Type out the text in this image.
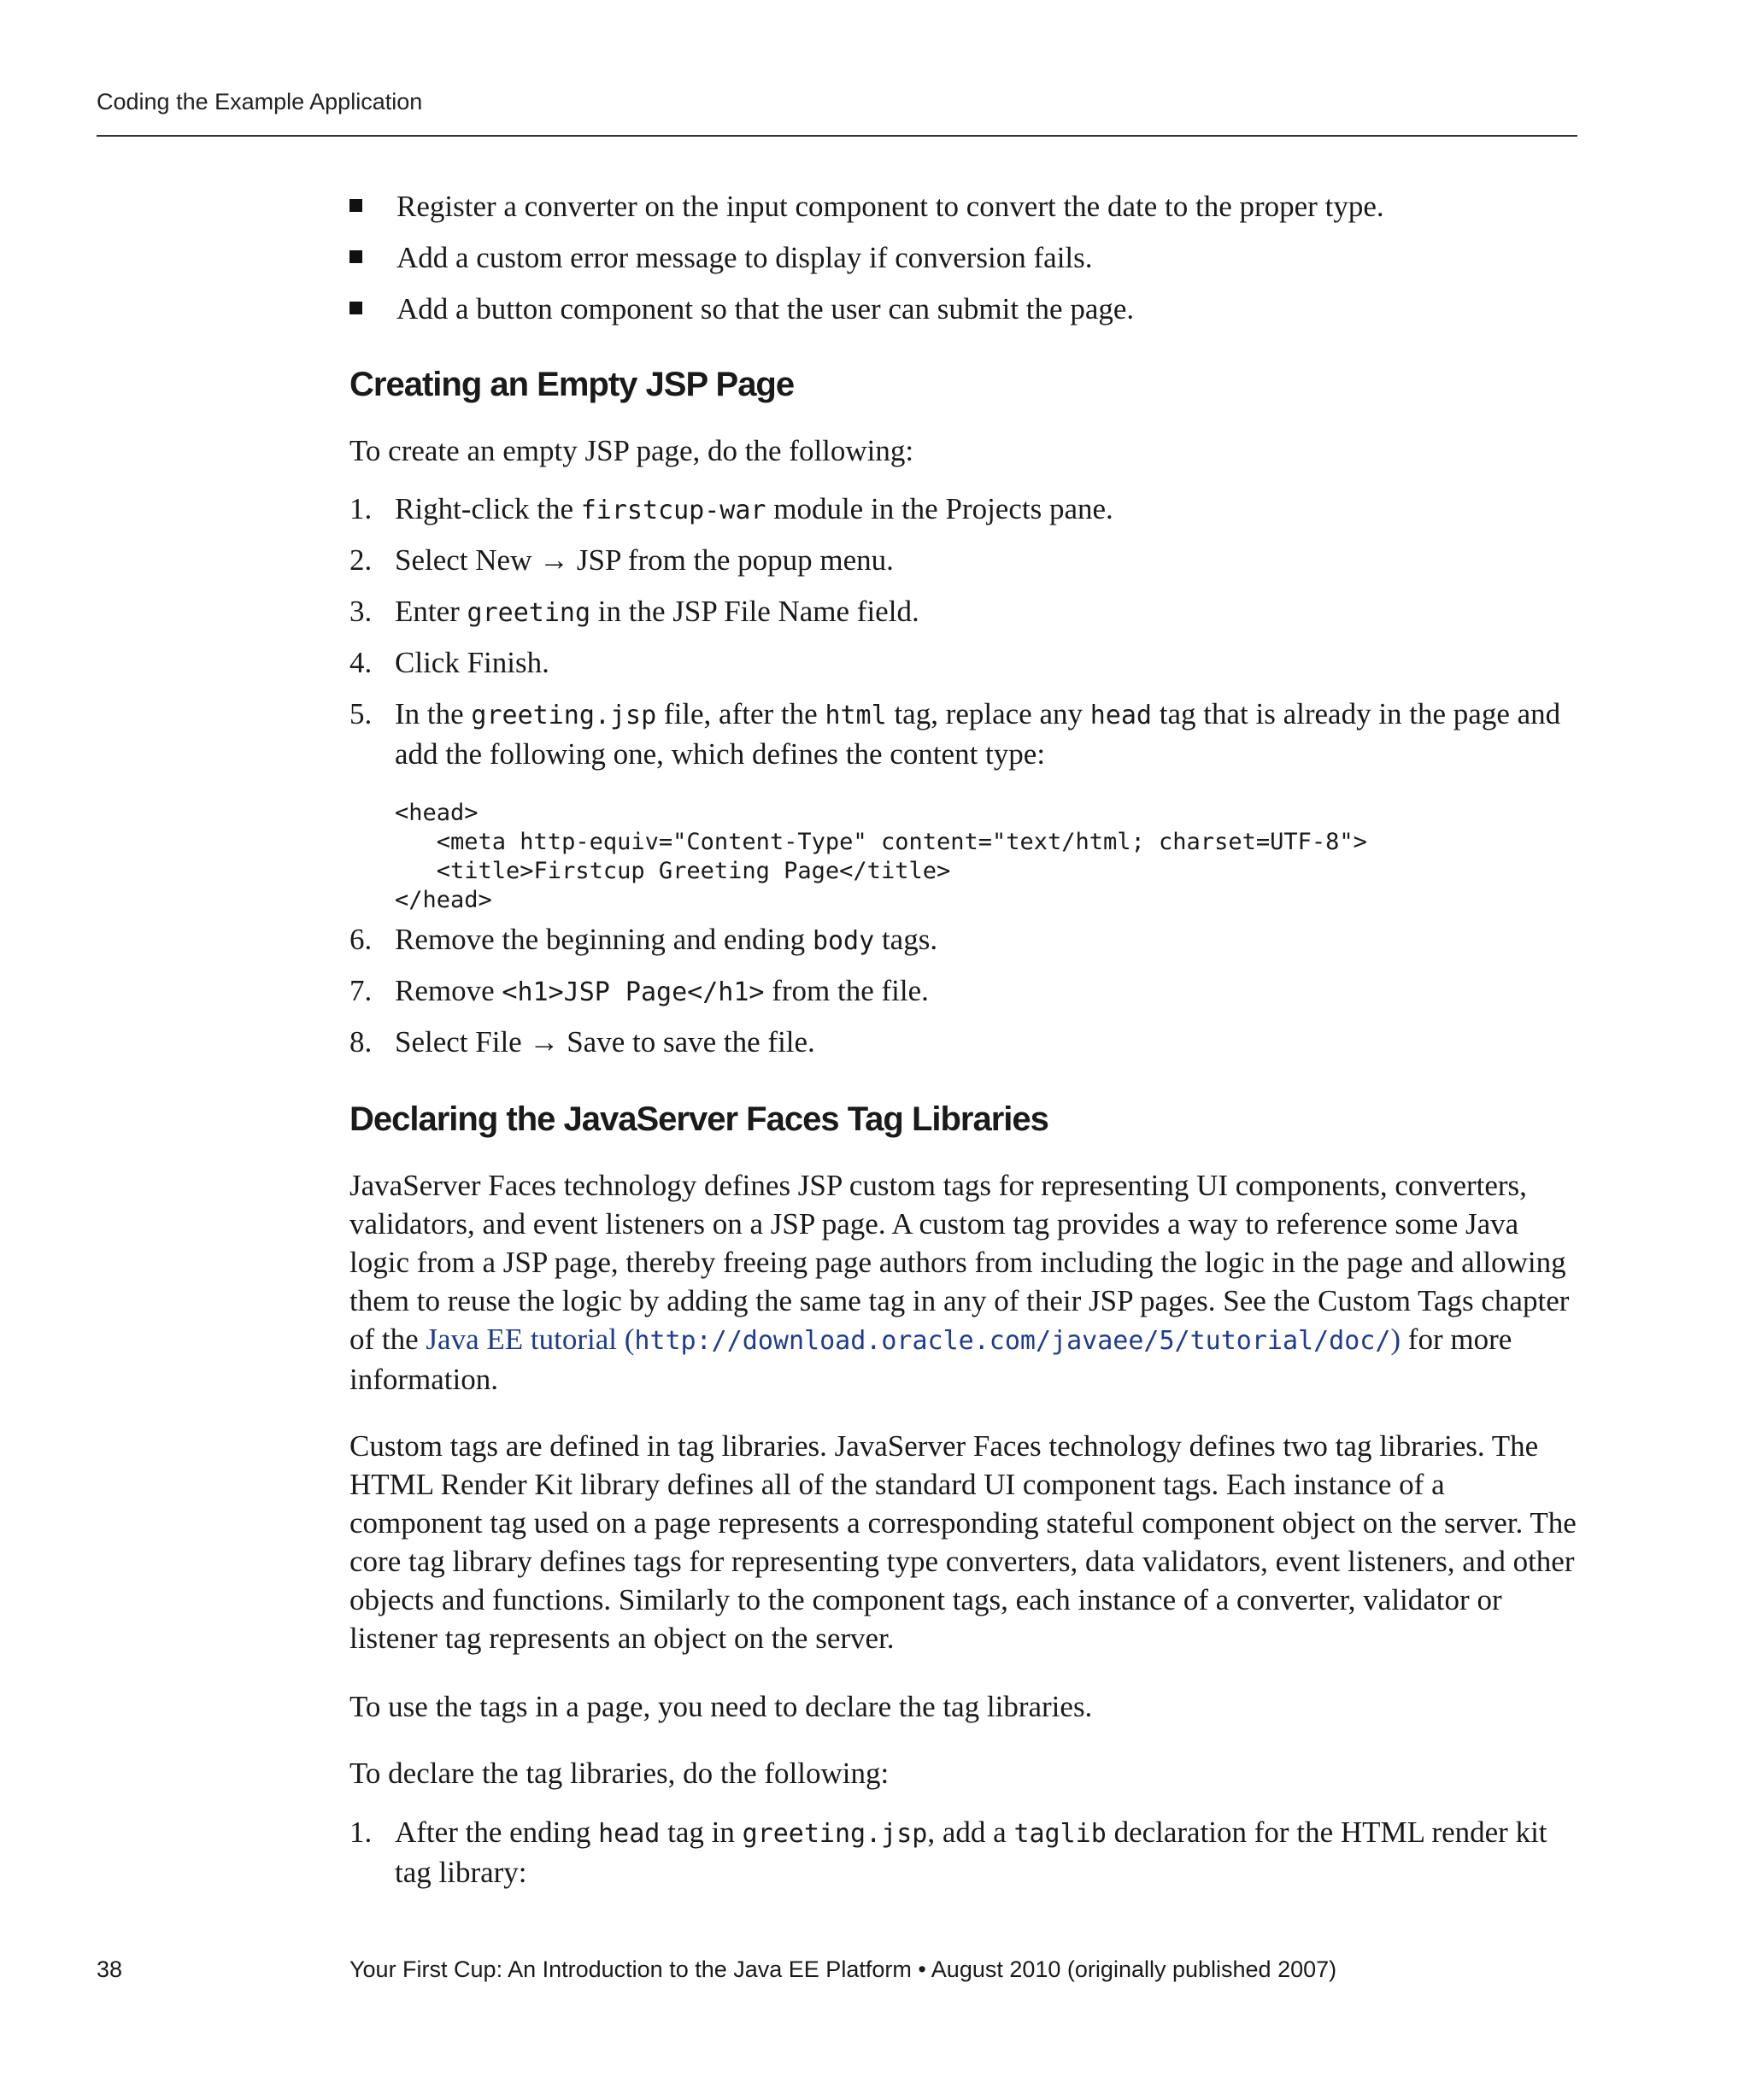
Coding the Example Application
Register a converter on the input component to convert the date to the proper type.
Add a custom error message to display if conversion fails.
Add a button component so that the user can submit the page.
Creating an Empty JSP Page

To create an empty JSP page, do the following:

1. Right-click the firstcup-war module in the Projects pane.
2. Select New → JSP from the popup menu.
3. Enter greeting in the JSP File Name field.
4. Click Finish.
5. In the greeting.jsp file, after the html tag, replace any head tag that is already in the page and add the following one, which defines the content type:
<head>
<meta http-equiv="Content-Type" content="text/html; charset=UTF-8">
<title>Firstcup Greeting Page</title>
</head>
6. Remove the beginning and ending body tags.
7. Remove <h1>JSP Page</h1> from the file.
8. Select File → Save to save the file.
Declaring the JavaServer Faces Tag Libraries

JavaServer Faces technology defines JSP custom tags for representing UI components, converters, validators, and event listeners on a JSP page. A custom tag provides a way to reference some Java logic from a JSP page, thereby freeing page authors from including the logic in the page and allowing them to reuse the logic by adding the same tag in any of their JSP pages. See the Custom Tags chapter of the Java EE tutorial (http://download.oracle.com/javaee/5/tutorial/doc/) for more information.

Custom tags are defined in tag libraries. JavaServer Faces technology defines two tag libraries. The HTML Render Kit library defines all of the standard UI component tags. Each instance of a component tag used on a page represents a corresponding stateful component object on the server. The core tag library defines tags for representing type converters, data validators, event listeners, and other objects and functions. Similarly to the component tags, each instance of a converter, validator or listener tag represents an object on the server.

To use the tags in a page, you need to declare the tag libraries.

To declare the tag libraries, do the following:

1. After the ending head tag in greeting.jsp, add a taglib declaration for the HTML render kit tag library:
38	Your First Cup: An Introduction to the Java EE Platform • August 2010 (originally published 2007)
